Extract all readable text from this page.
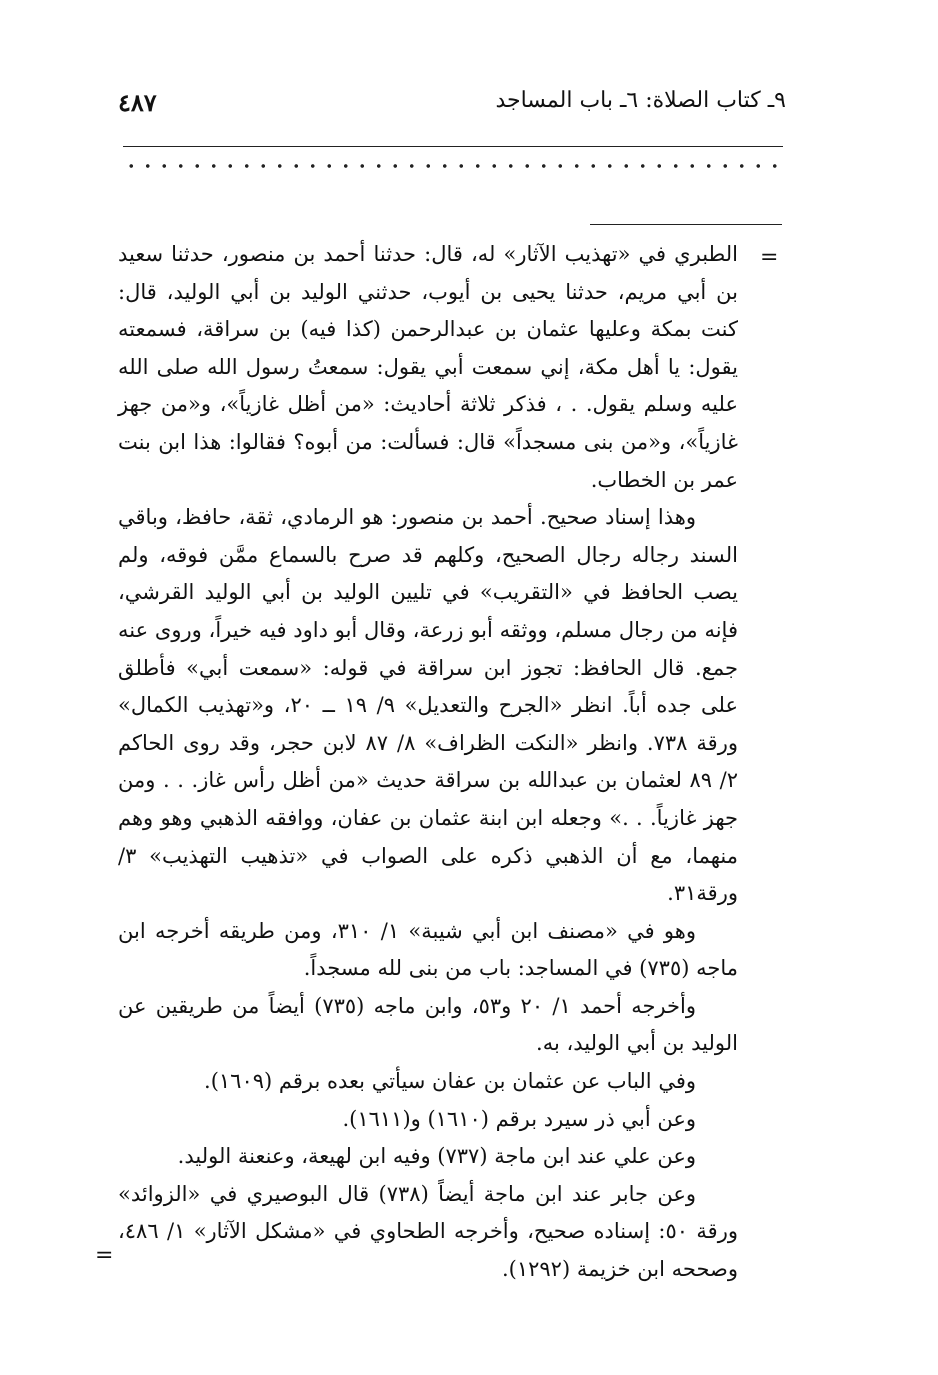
٩ـ كتاب الصلاة: ٦ـ باب المساجد
٤٨٧
=

الطبري في «تهذيب الآثار» له، قال: حدثنا أحمد بن منصور، حدثنا سعيد بن أبي مريم، حدثنا يحيى بن أيوب، حدثني الوليد بن أبي الوليد، قال: كنت بمكة وعليها عثمان بن عبدالرحمن (كذا فيه) بن سراقة، فسمعته يقول: يا أهل مكة، إني سمعت أبي يقول: سمعتُ رسول الله صلى الله عليه وسلم يقول. . ، فذكر ثلاثة أحاديث: «من أظل غازياً»، و«من جهز غازياً»، و«من بنى مسجداً» قال: فسألت: من أبوه؟ فقالوا: هذا ابن بنت عمر بن الخطاب.

وهذا إسناد صحيح. أحمد بن منصور: هو الرمادي، ثقة، حافظ، وباقي السند رجاله رجال الصحيح، وكلهم قد صرح بالسماع ممَّن فوقه، ولم يصب الحافظ في «التقريب» في تليين الوليد بن أبي الوليد القرشي، فإنه من رجال مسلم، ووثقه أبو زرعة، وقال أبو داود فيه خيراً، وروى عنه جمع. قال الحافظ: تجوز ابن سراقة في قوله: «سمعت أبي» فأطلق على جده أباً. انظر «الجرح والتعديل» ٩/ ١٩ ــ ٢٠، و«تهذيب الكمال» ورقة ٧٣٨. وانظر «النكت الظراف» ٨/ ٨٧ لابن حجر، وقد روى الحاكم ٢/ ٨٩ لعثمان بن عبدالله بن سراقة حديث «من أظل رأس غاز. . . ومن جهز غازياً. . .» وجعله ابن ابنة عثمان بن عفان، ووافقه الذهبي وهو وهم منهما، مع أن الذهبي ذكره على الصواب في «تذهيب التهذيب» ٣/ورقة٣١.

وهو في «مصنف ابن أبي شيبة» ١/ ٣١٠، ومن طريقه أخرجه ابن ماجه (٧٣٥) في المساجد: باب من بنى لله مسجداً.

وأخرجه أحمد ١/ ٢٠ و٥٣، وابن ماجه (٧٣٥) أيضاً من طريقين عن الوليد بن أبي الوليد، به.

وفي الباب عن عثمان بن عفان سيأتي بعده برقم (١٦٠٩).

وعن أبي ذر سيرد برقم (١٦١٠) و(١٦١١).

وعن علي عند ابن ماجة (٧٣٧) وفيه ابن لهيعة، وعنعنة الوليد.

وعن جابر عند ابن ماجة أيضاً (٧٣٨) قال البوصيري في «الزوائد» ورقة ٥٠: إسناده صحيح، وأخرجه الطحاوي في «مشكل الآثار» ١/ ٤٨٦، وصححه ابن خزيمة (١٢٩٢).

=
